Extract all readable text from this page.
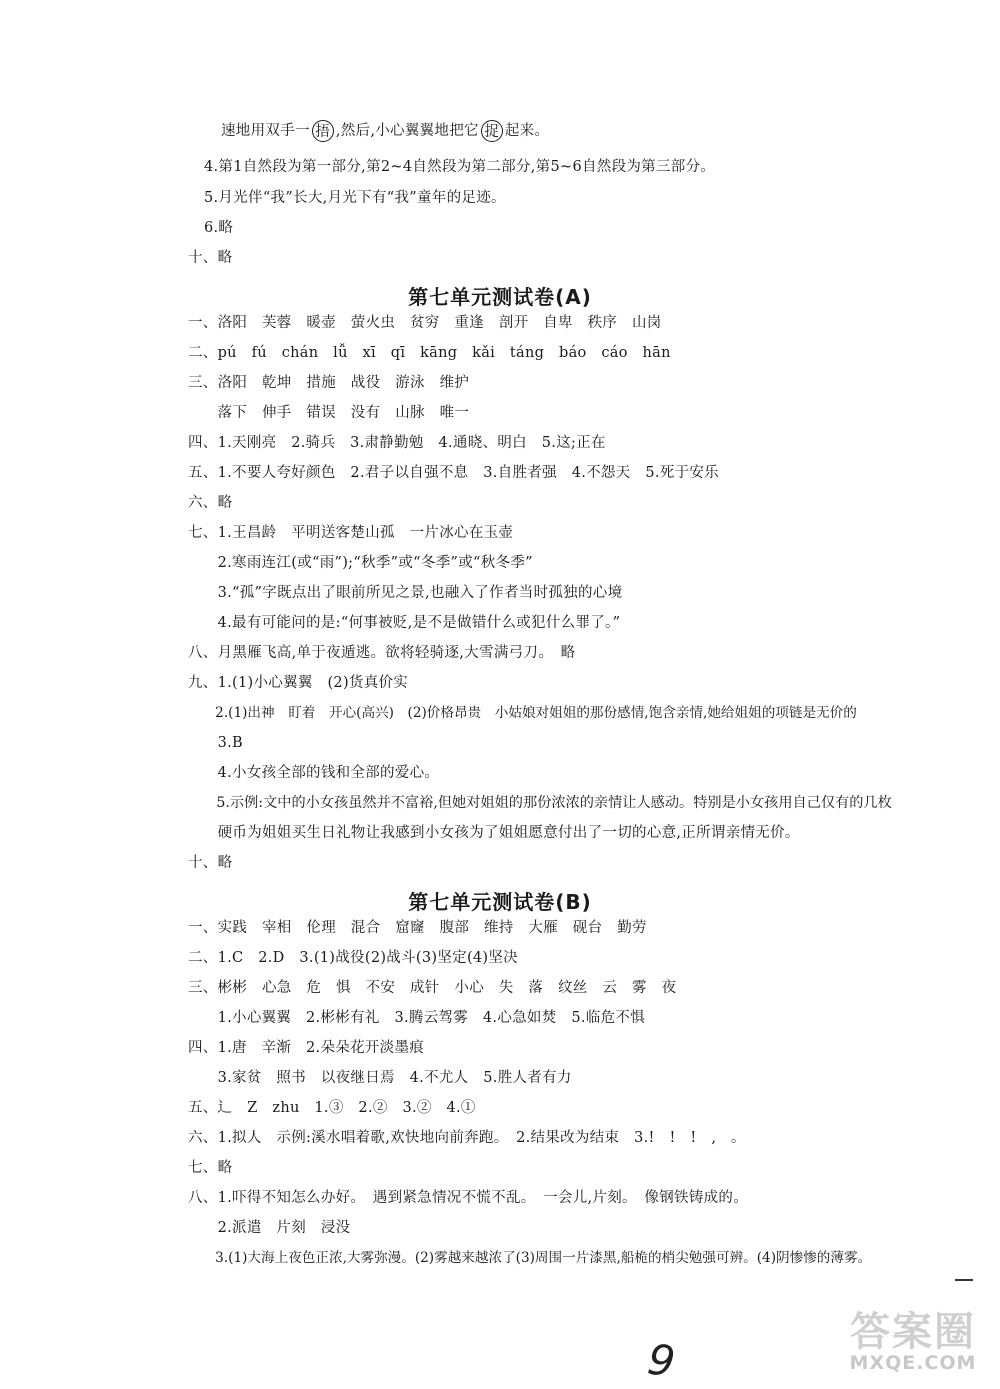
速地用双手一 捂 ,然后,小心翼翼地把它 捉 起来。
4.第1自然段为第一部分,第2~4自然段为第二部分,第5~6自然段为第三部分。
5.月光伴“我”长大,月光下有“我”童年的足迹。
6.略
十、略
第七单元测试卷(A)
一、洛阳　芙蓉　暖壶　萤火虫　贫穷　重逢　剖开　自卑　秩序　山岗
二、pú　fú　chán　lǚ　xī　qī　kāng　kǎi　táng　báo　cáo　hān
三、洛阳　乾坤　措施　战役　游泳　维护
　　落下　伸手　错误　没有　山脉　唯一
四、1.天刚亮　2.骑兵　3.肃静勤勉　4.通晓、明白　5.这;正在
五、1.不要人夸好颜色　2.君子以自强不息　3.自胜者强　4.不怨天　5.死于安乐
六、略
七、1.王昌龄　平明送客楚山孤　一片冰心在玉壶
　　2.寒雨连江(或“雨”);“秋季”或“冬季”或“秋冬季”
　　3.“孤”字既点出了眼前所见之景,也融入了作者当时孤独的心境
　　4.最有可能问的是:“何事被贬,是不是做错什么或犯什么罪了。”
八、月黑雁飞高,单于夜遁逃。欲将轻骑逐,大雪满弓刀。　略
九、1.(1)小心翼翼　(2)货真价实
　　2.(1)出神　盯着　开心(高兴)　(2)价格昂贵　小姑娘对姐姐的那份感情,饱含亲情,她给姐姐的项链是无价的
　　3.B
　　4.小女孩全部的钱和全部的爱心。
　　5.示例:文中的小女孩虽然并不富裕,但她对姐姐的那份浓浓的亲情让人感动。特别是小女孩用自己仅有的几枚
　　硬币为姐姐买生日礼物让我感到小女孩为了姐姐愿意付出了一切的心意,正所谓亲情无价。
十、略
第七单元测试卷(B)
一、实践　宰相　伦理　混合　窟窿　腹部　维持　大雁　砚台　勤劳
二、1.C　2.D　3.(1)战役(2)战斗(3)坚定(4)坚决
三、彬彬　心急　危　惧　不安　成针　小心　失　落　纹丝　云　雾　夜
　　1.小心翼翼　2.彬彬有礼　3.腾云驾雾　4.心急如焚　5.临危不惧
四、1.唐　辛渐　2.朵朵花开淡墨痕
　　3.家贫　照书　以夜继日焉　4.不尤人　5.胜人者有力
五、辶　Z　zhu　1.③　2.②　3.②　4.①
六、1.拟人　示例:溪水唱着歌,欢快地向前奔跑。　2.结果改为结束　3.!　!　!　,　。
七、略
八、1.吓得不知怎么办好。　遇到紧急情况不慌不乱。　一会儿,片刻。　像钢铁铸成的。
　　2.派遣　片刻　浸没
　　3.(1)大海上夜色正浓,大雾弥漫。(2)雾越来越浓了(3)周围一片漆黑,船桅的梢尖勉强可辨。(4)阴惨惨的薄雾。
9
答案圈
MXQE.COM
